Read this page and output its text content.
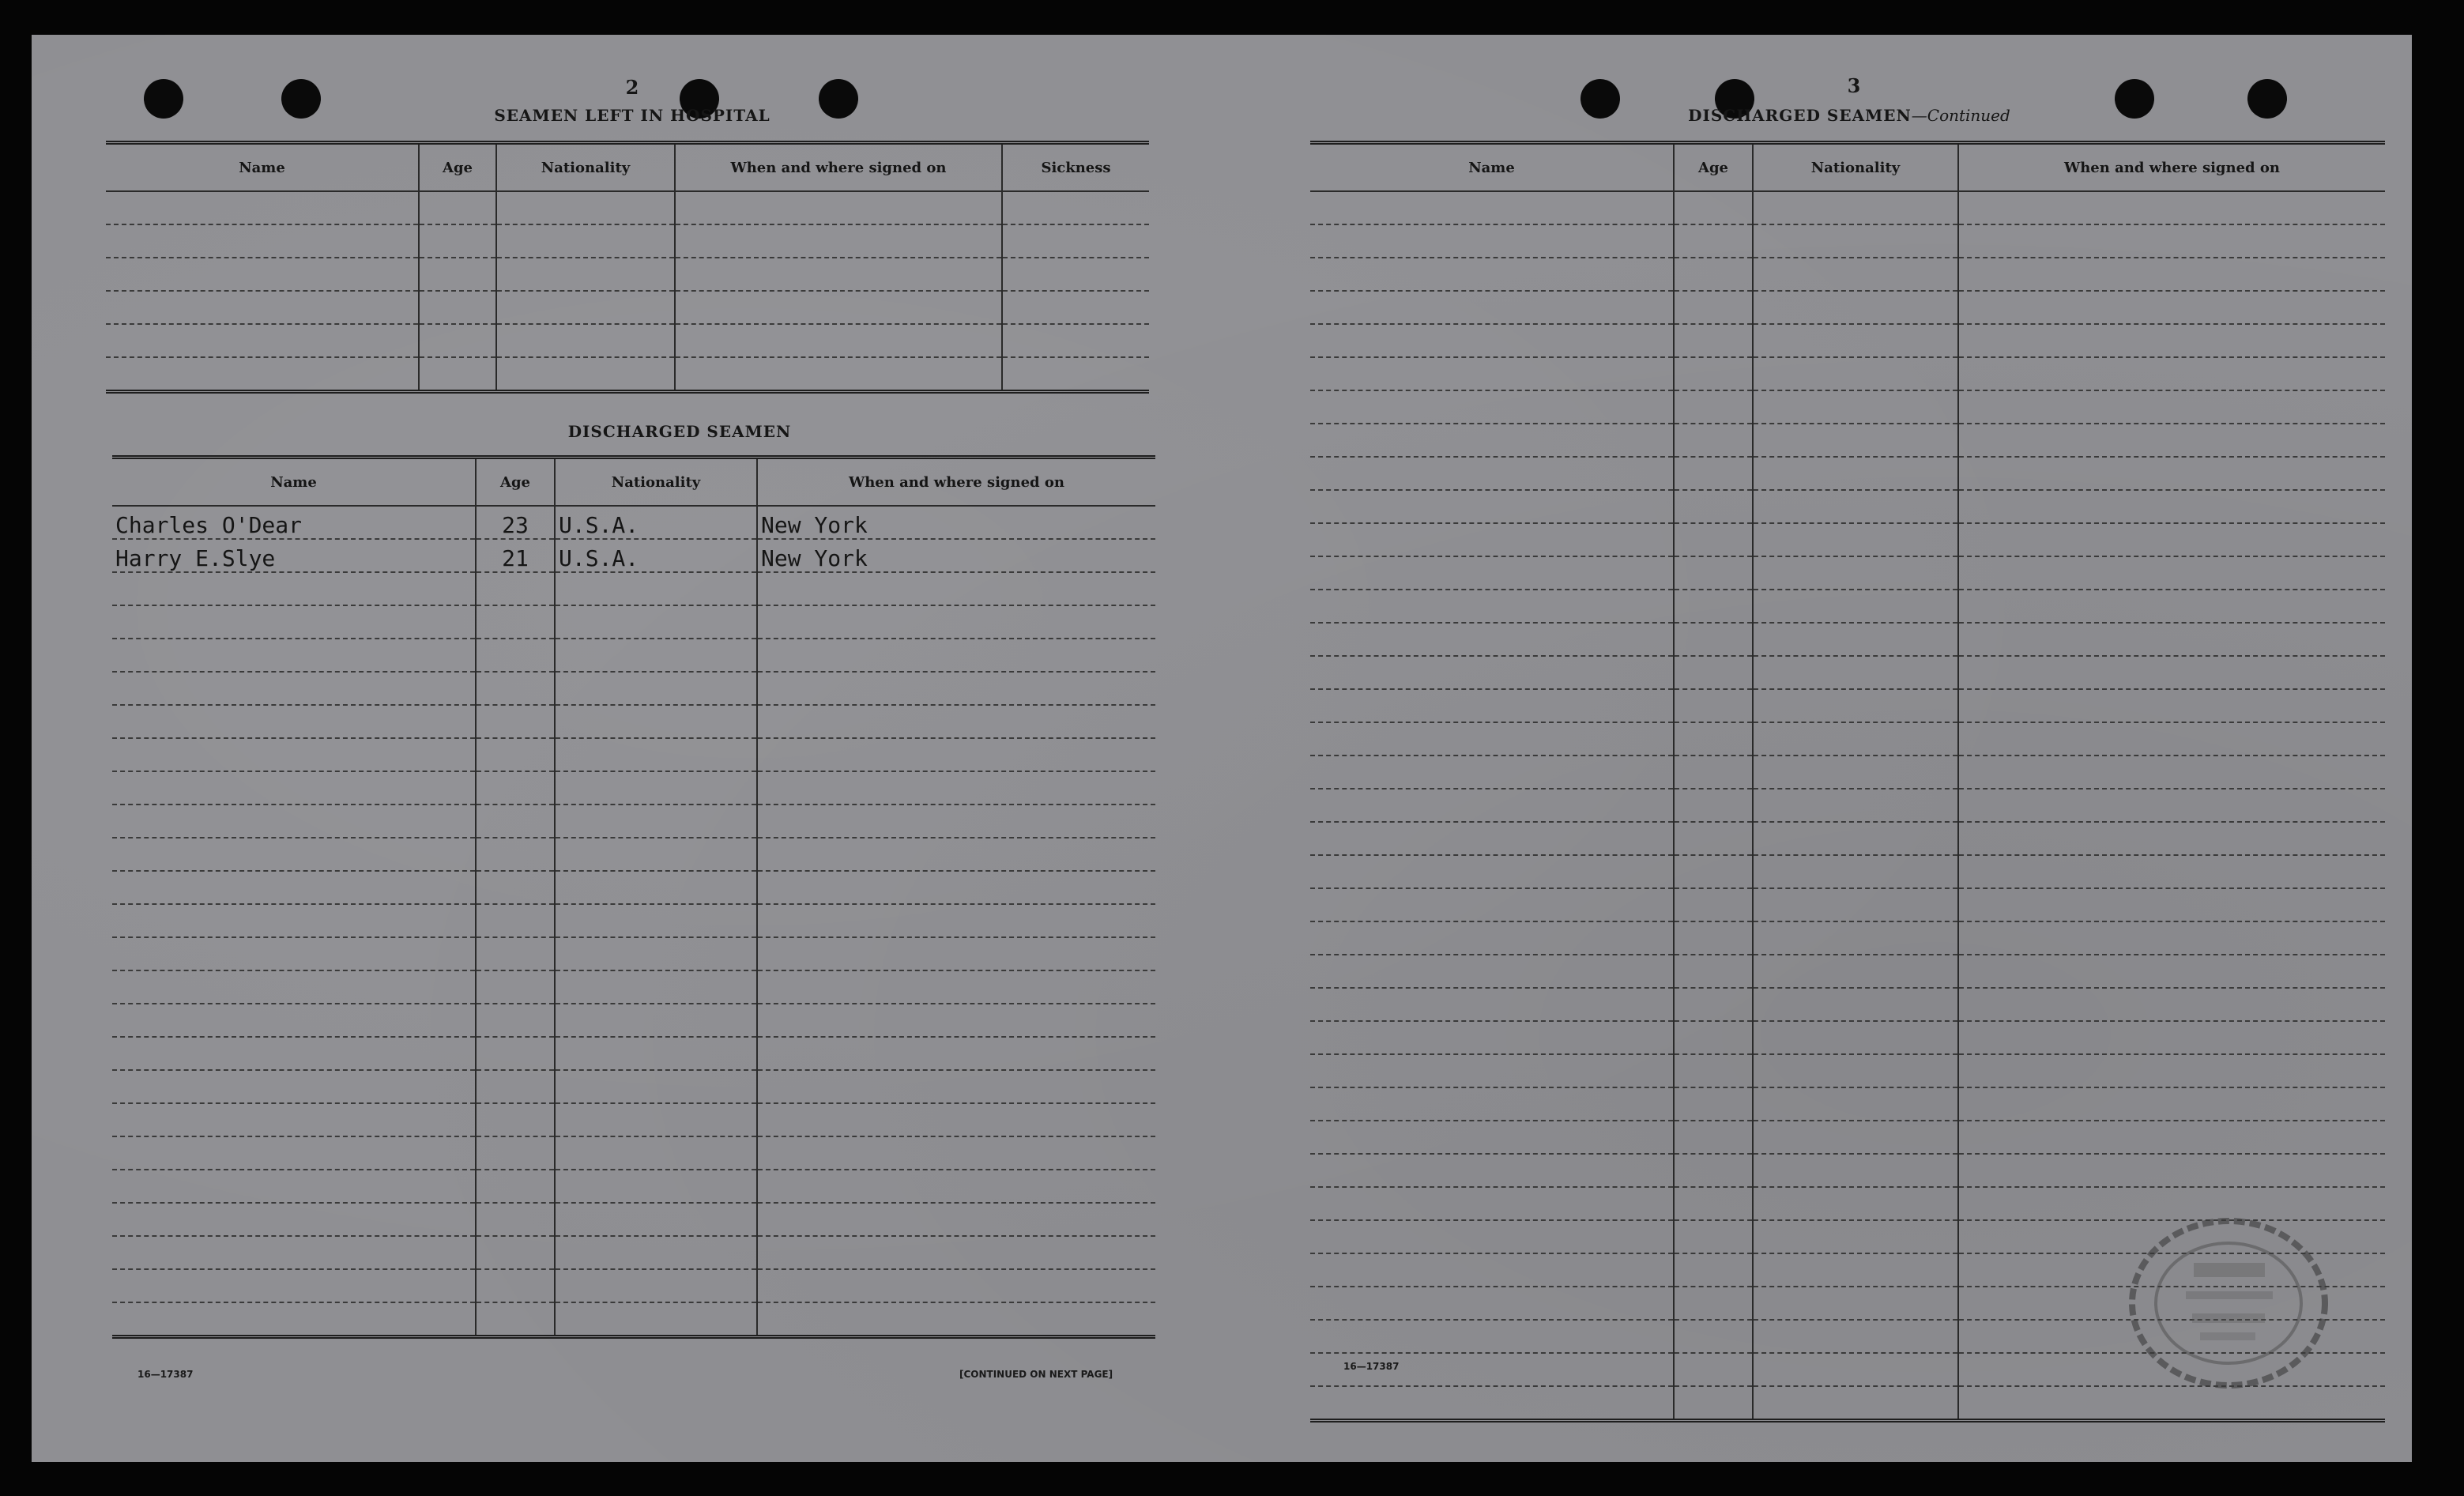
2
SEAMEN LEFT IN HOSPITAL
Name	Age	Nationality	When and where signed on	Sickness

DISCHARGED SEAMEN
Name	Age	Nationality	When and where signed on
Charles O'Dear	23	U.S.A.	New York
Harry E.Slye	21	U.S.A.	New York

16—17387	[CONTINUED ON NEXT PAGE]
3
DISCHARGED SEAMEN—Continued
Name	Age	Nationality	When and where signed on

16—17387
